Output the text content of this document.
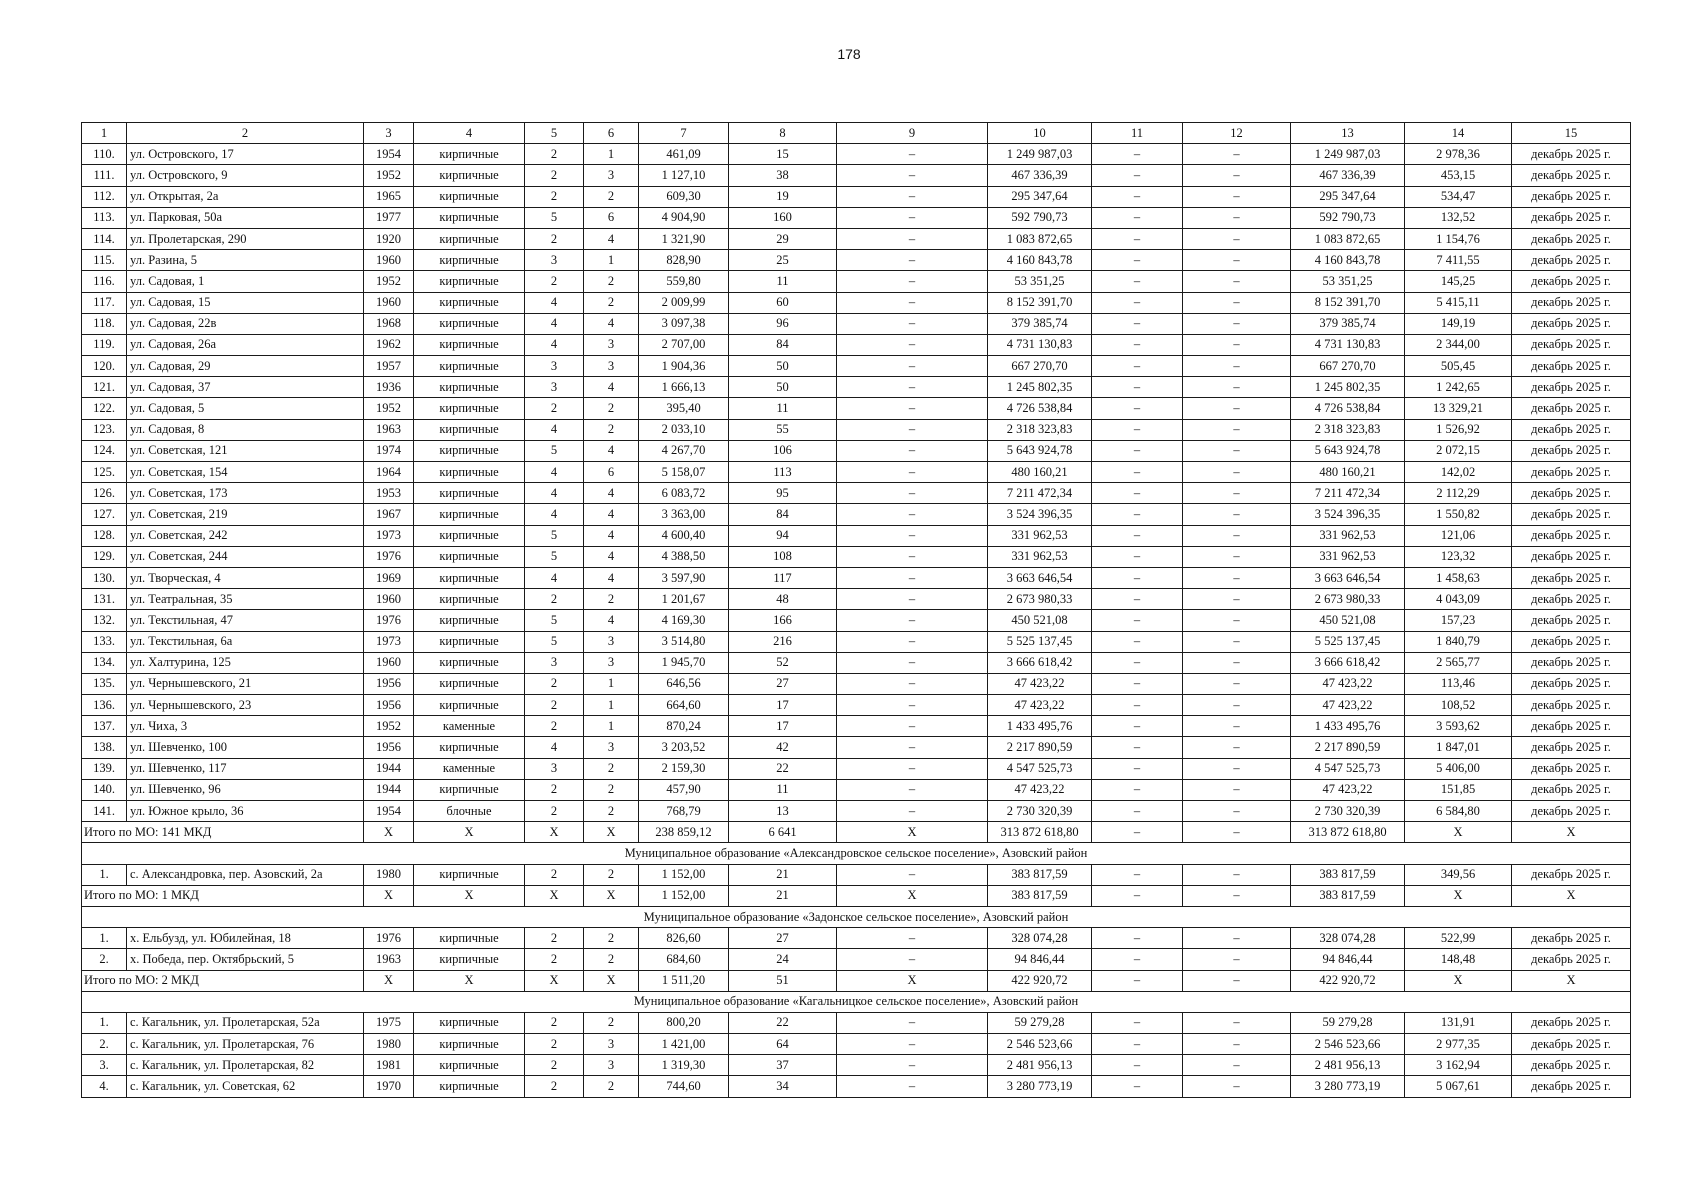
178
1	2	3	4	5	6	7	8	9	10	11	12	13	14	15
110.	ул. Островского, 17	1954	кирпичные	2	1	461,09	15	–	1 249 987,03	–	–	1 249 987,03	2 978,36	декабрь 2025 г.
111.	ул. Островского, 9	1952	кирпичные	2	3	1 127,10	38	–	467 336,39	–	–	467 336,39	453,15	декабрь 2025 г.
112.	ул. Открытая, 2а	1965	кирпичные	2	2	609,30	19	–	295 347,64	–	–	295 347,64	534,47	декабрь 2025 г.
113.	ул. Парковая, 50а	1977	кирпичные	5	6	4 904,90	160	–	592 790,73	–	–	592 790,73	132,52	декабрь 2025 г.
114.	ул. Пролетарская, 290	1920	кирпичные	2	4	1 321,90	29	–	1 083 872,65	–	–	1 083 872,65	1 154,76	декабрь 2025 г.
115.	ул. Разина, 5	1960	кирпичные	3	1	828,90	25	–	4 160 843,78	–	–	4 160 843,78	7 411,55	декабрь 2025 г.
116.	ул. Садовая, 1	1952	кирпичные	2	2	559,80	11	–	53 351,25	–	–	53 351,25	145,25	декабрь 2025 г.
117.	ул. Садовая, 15	1960	кирпичные	4	2	2 009,99	60	–	8 152 391,70	–	–	8 152 391,70	5 415,11	декабрь 2025 г.
118.	ул. Садовая, 22в	1968	кирпичные	4	4	3 097,38	96	–	379 385,74	–	–	379 385,74	149,19	декабрь 2025 г.
119.	ул. Садовая, 26а	1962	кирпичные	4	3	2 707,00	84	–	4 731 130,83	–	–	4 731 130,83	2 344,00	декабрь 2025 г.
120.	ул. Садовая, 29	1957	кирпичные	3	3	1 904,36	50	–	667 270,70	–	–	667 270,70	505,45	декабрь 2025 г.
121.	ул. Садовая, 37	1936	кирпичные	3	4	1 666,13	50	–	1 245 802,35	–	–	1 245 802,35	1 242,65	декабрь 2025 г.
122.	ул. Садовая, 5	1952	кирпичные	2	2	395,40	11	–	4 726 538,84	–	–	4 726 538,84	13 329,21	декабрь 2025 г.
123.	ул. Садовая, 8	1963	кирпичные	4	2	2 033,10	55	–	2 318 323,83	–	–	2 318 323,83	1 526,92	декабрь 2025 г.
124.	ул. Советская, 121	1974	кирпичные	5	4	4 267,70	106	–	5 643 924,78	–	–	5 643 924,78	2 072,15	декабрь 2025 г.
125.	ул. Советская, 154	1964	кирпичные	4	6	5 158,07	113	–	480 160,21	–	–	480 160,21	142,02	декабрь 2025 г.
126.	ул. Советская, 173	1953	кирпичные	4	4	6 083,72	95	–	7 211 472,34	–	–	7 211 472,34	2 112,29	декабрь 2025 г.
127.	ул. Советская, 219	1967	кирпичные	4	4	3 363,00	84	–	3 524 396,35	–	–	3 524 396,35	1 550,82	декабрь 2025 г.
128.	ул. Советская, 242	1973	кирпичные	5	4	4 600,40	94	–	331 962,53	–	–	331 962,53	121,06	декабрь 2025 г.
129.	ул. Советская, 244	1976	кирпичные	5	4	4 388,50	108	–	331 962,53	–	–	331 962,53	123,32	декабрь 2025 г.
130.	ул. Творческая, 4	1969	кирпичные	4	4	3 597,90	117	–	3 663 646,54	–	–	3 663 646,54	1 458,63	декабрь 2025 г.
131.	ул. Театральная, 35	1960	кирпичные	2	2	1 201,67	48	–	2 673 980,33	–	–	2 673 980,33	4 043,09	декабрь 2025 г.
132.	ул. Текстильная, 47	1976	кирпичные	5	4	4 169,30	166	–	450 521,08	–	–	450 521,08	157,23	декабрь 2025 г.
133.	ул. Текстильная, 6а	1973	кирпичные	5	3	3 514,80	216	–	5 525 137,45	–	–	5 525 137,45	1 840,79	декабрь 2025 г.
134.	ул. Халтурина, 125	1960	кирпичные	3	3	1 945,70	52	–	3 666 618,42	–	–	3 666 618,42	2 565,77	декабрь 2025 г.
135.	ул. Чернышевского, 21	1956	кирпичные	2	1	646,56	27	–	47 423,22	–	–	47 423,22	113,46	декабрь 2025 г.
136.	ул. Чернышевского, 23	1956	кирпичные	2	1	664,60	17	–	47 423,22	–	–	47 423,22	108,52	декабрь 2025 г.
137.	ул. Чиха, 3	1952	каменные	2	1	870,24	17	–	1 433 495,76	–	–	1 433 495,76	3 593,62	декабрь 2025 г.
138.	ул. Шевченко, 100	1956	кирпичные	4	3	3 203,52	42	–	2 217 890,59	–	–	2 217 890,59	1 847,01	декабрь 2025 г.
139.	ул. Шевченко, 117	1944	каменные	3	2	2 159,30	22	–	4 547 525,73	–	–	4 547 525,73	5 406,00	декабрь 2025 г.
140.	ул. Шевченко, 96	1944	кирпичные	2	2	457,90	11	–	47 423,22	–	–	47 423,22	151,85	декабрь 2025 г.
141.	ул. Южное крыло, 36	1954	блочные	2	2	768,79	13	–	2 730 320,39	–	–	2 730 320,39	6 584,80	декабрь 2025 г.
Итого по МО: 141 МКД		X	X	X	X	238 859,12	6 641	X	313 872 618,80	–	–	313 872 618,80	X	X
Муниципальное образование «Александровское сельское поселение», Азовский район														
1.	с. Александровка, пер. Азовский, 2а	1980	кирпичные	2	2	1 152,00	21	–	383 817,59	–	–	383 817,59	349,56	декабрь 2025 г.
Итого по МО: 1 МКД		X	X	X	X	1 152,00	21	X	383 817,59	–	–	383 817,59	X	X
Муниципальное образование «Задонское сельское поселение», Азовский район														
1.	х. Ельбузд, ул. Юбилейная, 18	1976	кирпичные	2	2	826,60	27	–	328 074,28	–	–	328 074,28	522,99	декабрь 2025 г.
2.	х. Победа, пер. Октябрьский, 5	1963	кирпичные	2	2	684,60	24	–	94 846,44	–	–	94 846,44	148,48	декабрь 2025 г.
Итого по МО: 2 МКД		X	X	X	X	1 511,20	51	X	422 920,72	–	–	422 920,72	X	X
Муниципальное образование «Кагальницкое сельское поселение», Азовский район														
1.	с. Кагальник, ул. Пролетарская, 52а	1975	кирпичные	2	2	800,20	22	–	59 279,28	–	–	59 279,28	131,91	декабрь 2025 г.
2.	с. Кагальник, ул. Пролетарская, 76	1980	кирпичные	2	3	1 421,00	64	–	2 546 523,66	–	–	2 546 523,66	2 977,35	декабрь 2025 г.
3.	с. Кагальник, ул. Пролетарская, 82	1981	кирпичные	2	3	1 319,30	37	–	2 481 956,13	–	–	2 481 956,13	3 162,94	декабрь 2025 г.
4.	с. Кагальник, ул. Советская, 62	1970	кирпичные	2	2	744,60	34	–	3 280 773,19	–	–	3 280 773,19	5 067,61	декабрь 2025 г.
